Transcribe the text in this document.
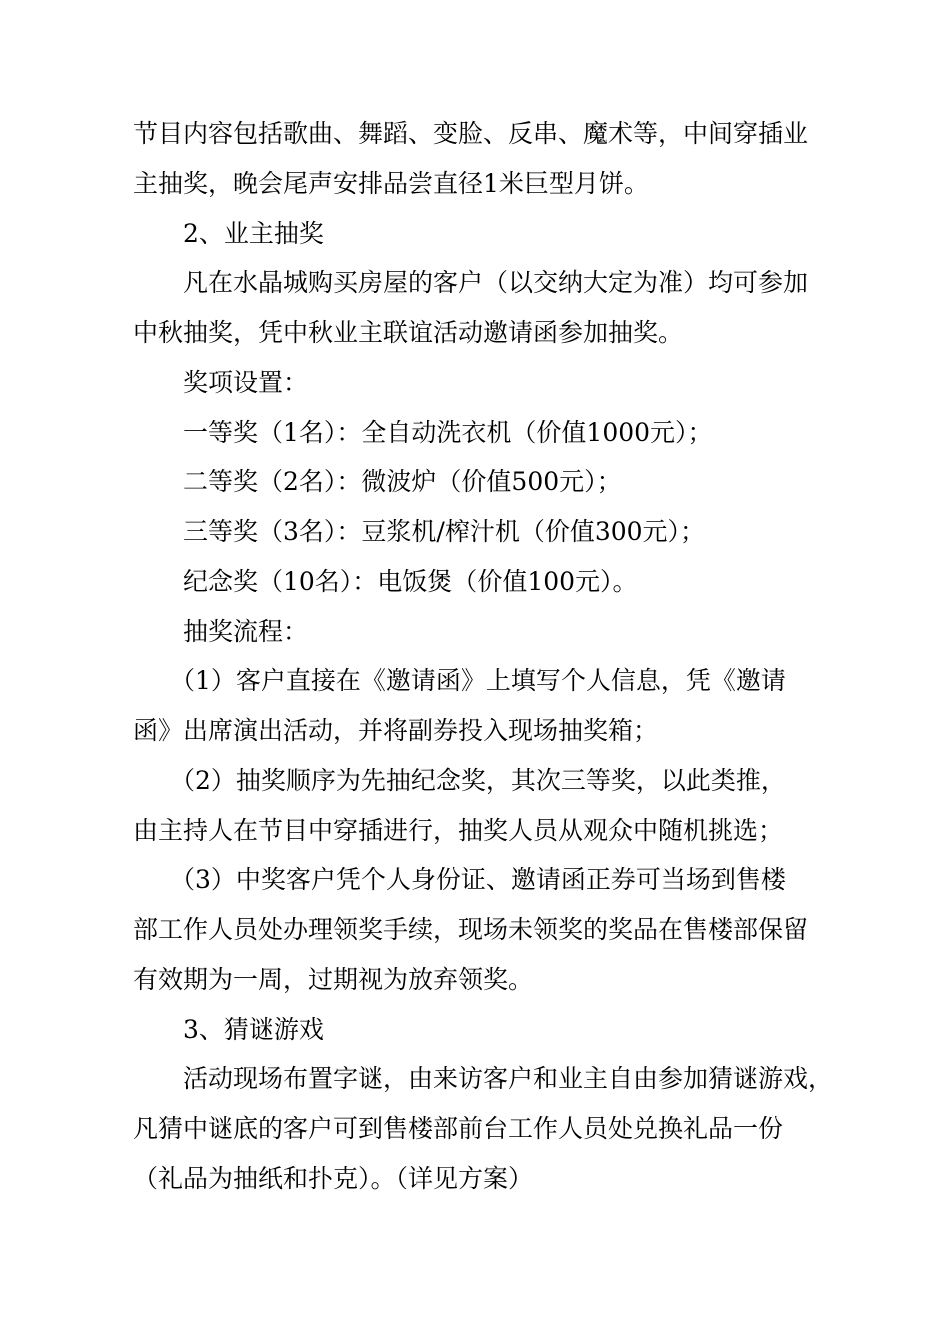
节目内容包括歌曲、舞蹈、变脸、反串、魔术等，中间穿插业
主抽奖，晚会尾声安排品尝直径1米巨型月饼。
2、业主抽奖
凡在水晶城购买房屋的客户（以交纳大定为准）均可参加
中秋抽奖，凭中秋业主联谊活动邀请函参加抽奖。
奖项设置：
一等奖（1名）：全自动洗衣机（价值1000元）；
二等奖（2名）：微波炉（价值500元）；
三等奖（3名）：豆浆机/榨汁机（价值300元）；
纪念奖（10名）：电饭煲（价值100元）。
抽奖流程：
（1）客户直接在《邀请函》上填写个人信息，凭《邀请
函》出席演出活动，并将副券投入现场抽奖箱；
（2）抽奖顺序为先抽纪念奖，其次三等奖，以此类推，
由主持人在节目中穿插进行，抽奖人员从观众中随机挑选；
（3）中奖客户凭个人身份证、邀请函正券可当场到售楼
部工作人员处办理领奖手续，现场未领奖的奖品在售楼部保留
有效期为一周，过期视为放弃领奖。
3、猜谜游戏
活动现场布置字谜，由来访客户和业主自由参加猜谜游戏，
凡猜中谜底的客户可到售楼部前台工作人员处兑换礼品一份
（礼品为抽纸和扑克）。（详见方案）
